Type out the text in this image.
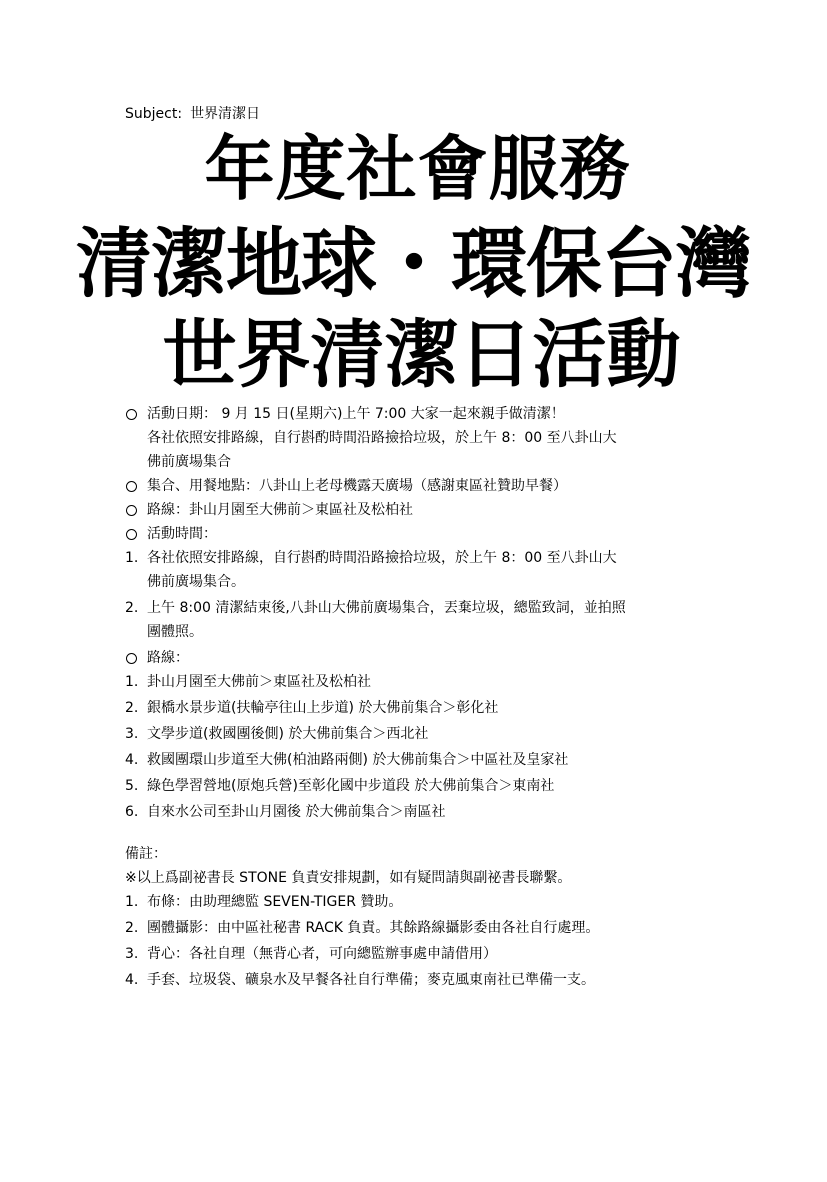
Subject: 世界清潔日
年度社會服務
清潔地球・環保台灣
世界清潔日活動
活動日期： 9 月 15 日(星期六)上午 7:00 大家一起來親手做清潔！
各社依照安排路線，自行斟酌時間沿路撿拾垃圾，於上午 8：00 至八卦山大
佛前廣場集合
集合、用餐地點：八卦山上老母機露天廣場（感謝東區社贊助早餐）
路線：卦山月園至大佛前＞東區社及松柏社
活動時間：
1. 各社依照安排路線，自行斟酌時間沿路撿拾垃圾，於上午 8：00 至八卦山大
佛前廣場集合。
2. 上午 8:00 清潔結束後,八卦山大佛前廣場集合，丟棄垃圾，總監致詞，並拍照
團體照。
路線：
1. 卦山月園至大佛前＞東區社及松柏社
2. 銀橋水景步道(扶輪亭往山上步道) 於大佛前集合＞彰化社
3. 文學步道(救國團後側) 於大佛前集合＞西北社
4. 救國團環山步道至大佛(柏油路兩側) 於大佛前集合＞中區社及皇家社
5. 綠色學習營地(原炮兵營)至彰化國中步道段 於大佛前集合＞東南社
6. 自來水公司至卦山月園後 於大佛前集合＞南區社
備註：
※以上爲副祕書長 STONE 負責安排規劃，如有疑問請與副祕書長聯繫。
1. 布條：由助理總監 SEVEN-TIGER 贊助。
2. 團體攝影：由中區社秘書 RACK 負責。其餘路線攝影委由各社自行處理。
3. 背心：各社自理（無背心者，可向總監辦事處申請借用）
4. 手套、垃圾袋、礦泉水及早餐各社自行準備；麥克風東南社已準備一支。
